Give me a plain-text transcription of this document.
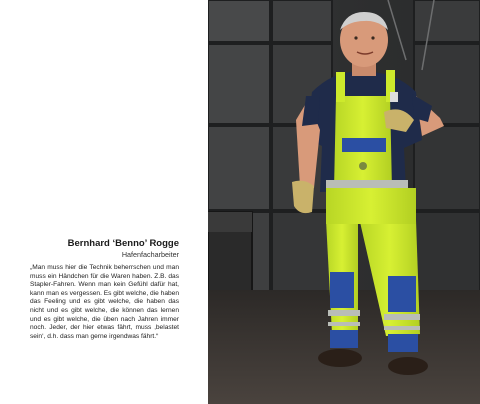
Bernhard ‘Benno’ Rogge
Hafenfacharbeiter
„Man muss hier die Technik beherrschen und man muss ein Händchen für die Waren haben. Z.B. das Stapler-Fahren. Wenn man kein Gefühl dafür hat, kann man es vergessen. Es gibt welche, die haben das Feeling und es gibt welche, die haben das nicht und es gibt welche, die können das lernen und es gibt welche, die üben nach Jahren immer noch. Jeder, der hier etwas fährt, muss ‚belastet sein‘, d.h. dass man gerne irgendwas fährt.“
